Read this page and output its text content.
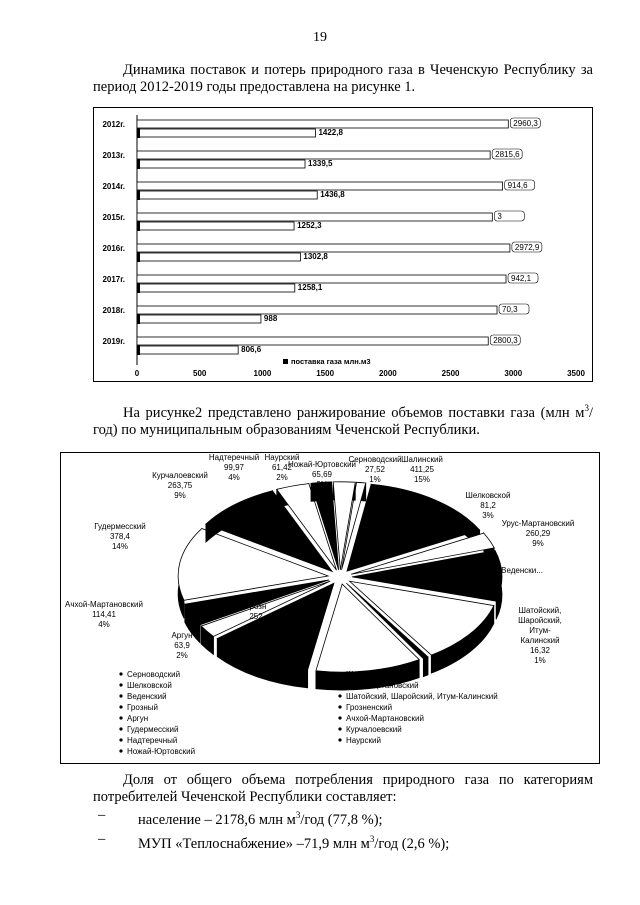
19
Динамика поставок и потерь природного газа в Чеченскую Республику за период 2012-2019 годы предоставлена на рисунке 1.
2012г.
1422,8
2960,3
2013г.
1339,5
2815,6
2014г.
1436,8
914,6
2015г.
1252,3
3
2016г.
1302,8
2972,9
2017г.
1258,1
942,1
2018г.
988
70,3
2019г.
806,6
2800,3
0	500	1000	1500	2000	2500	3000	3500
поставка газа млн.м3
На рисунке2 представлено ранжирование объемов поставки газа (млн $м^3/год$) по муниципальным образованиям Чеченской Республики.
Серноводский
27,52
1%
Шалинский
411,25
15%
Шелковской
81,2
3%
Урус-Мартановский
260,29
9%
Веденски...
Шатойский,
Шаройский,
Итум-
Калинский
16,32
1%
Грозн
252
Аргун
63,9
2%
Ачхой-Мартановский
114,41
4%
Гудермесский
378,4
14%
Курчалоевский
263,75
9%
Надтеречный
99,97
4%
Наурский
61,42
2%
Ножай-Юртовский
65,69
2%
Серноводский
Шелковской
Веденский
Грозный
Аргун
Гудермесский
Надтеречный
Ножай-Юртовский
Шалинский
Урус-Мартановский
Шатойский, Шаройский, Итум-Калинский
Грозненский
Ачхой-Мартановский
Курчалоевский
Наурский
Доля от общего объема потребления природного газа по категориям потребителей Чеченской Республики составляет:
–	население – 2178,6 млн $м^3$/год (77,8 %);
–	МУП «Теплоснабжение» –71,9 млн $м^3$/год (2,6 %);
